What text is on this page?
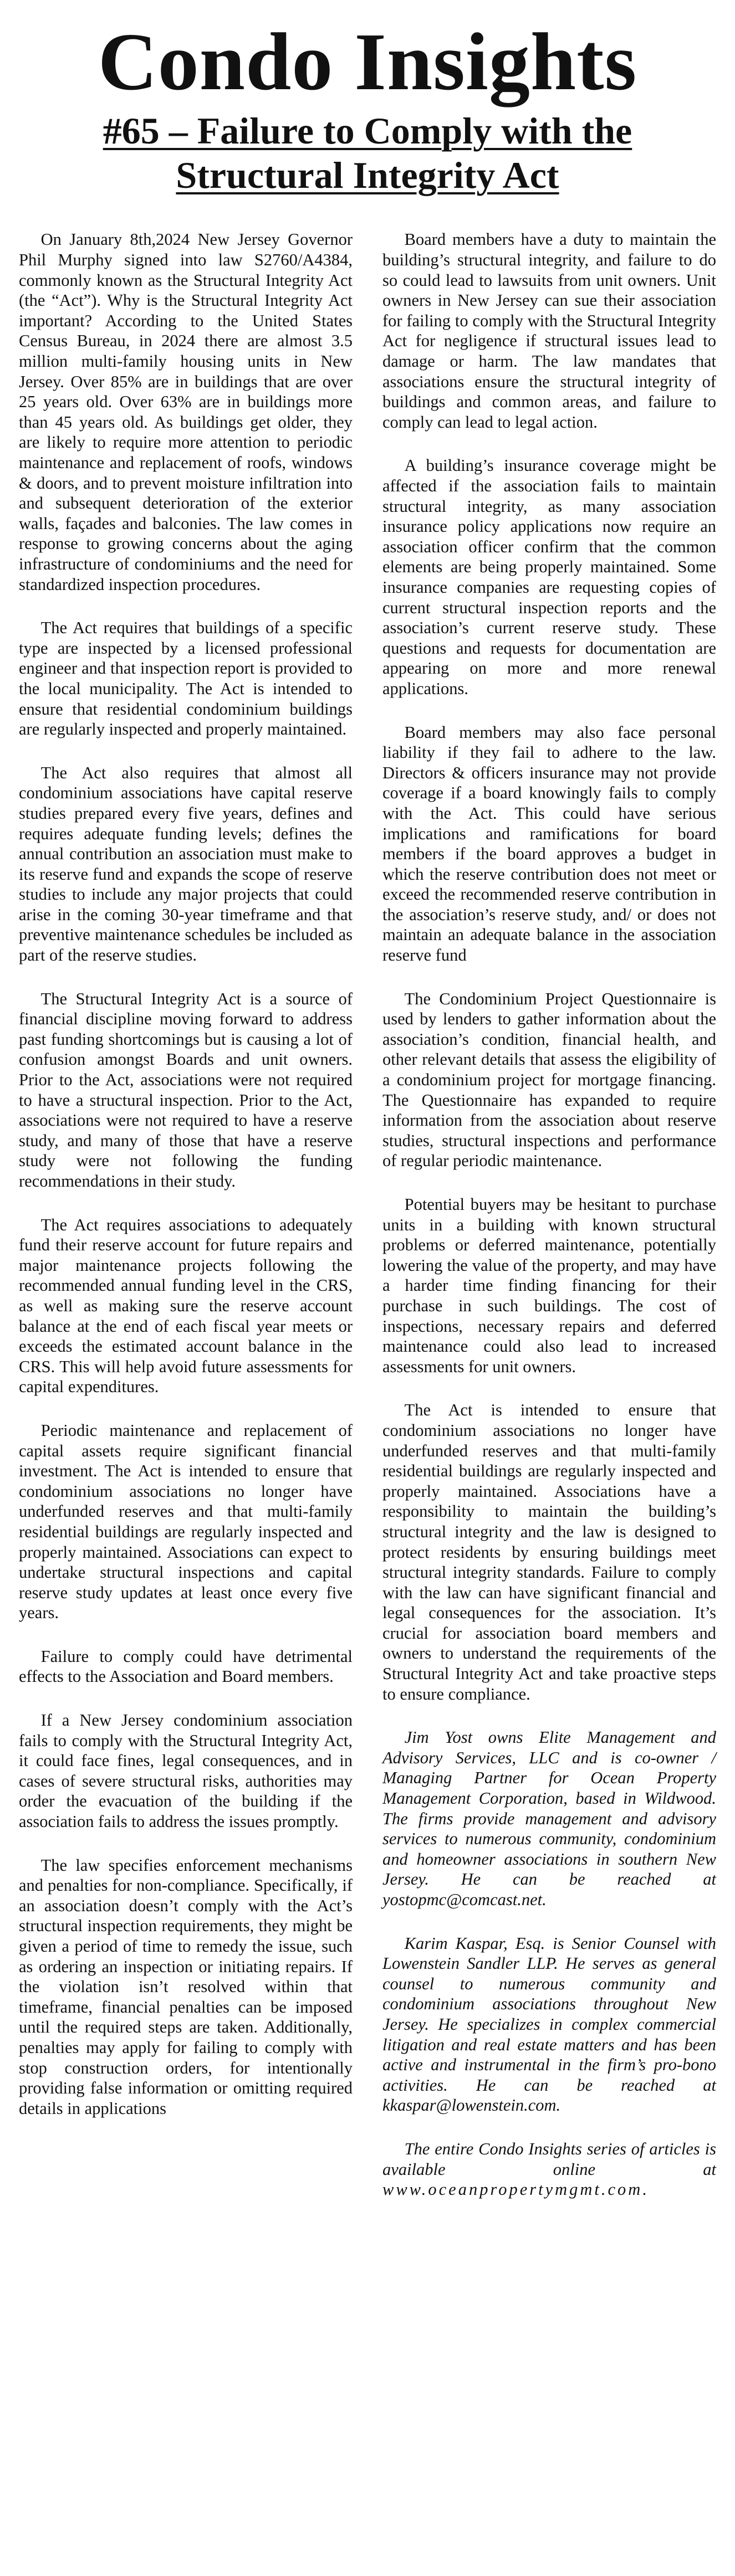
Condo Insights
#65 – Failure to Comply with the Structural Integrity Act

On January 8th,2024 New Jersey Governor Phil Murphy signed into law S2760/A4384, commonly known as the Structural Integrity Act (the “Act”). Why is the Structural Integrity Act important? According to the United States Census Bureau, in 2024 there are almost 3.5 million multi-family housing units in New Jersey. Over 85% are in buildings that are over 25 years old. Over 63% are in buildings more than 45 years old. As buildings get older, they are likely to require more attention to periodic maintenance and replacement of roofs, windows & doors, and to prevent moisture infiltration into and subsequent deterioration of the exterior walls, façades and balconies. The law comes in response to growing concerns about the aging infrastructure of condominiums and the need for standardized inspection procedures.

The Act requires that buildings of a specific type are inspected by a licensed professional engineer and that inspection report is provided to the local municipality. The Act is intended to ensure that residential condominium buildings are regularly inspected and properly maintained.

The Act also requires that almost all condominium associations have capital reserve studies prepared every five years, defines and requires adequate funding levels; defines the annual contribution an association must make to its reserve fund and expands the scope of reserve studies to include any major projects that could arise in the coming 30-year timeframe and that preventive maintenance schedules be included as part of the reserve studies.

The Structural Integrity Act is a source of financial discipline moving forward to address past funding shortcomings but is causing a lot of confusion amongst Boards and unit owners. Prior to the Act, associations were not required to have a structural inspection. Prior to the Act, associations were not required to have a reserve study, and many of those that have a reserve study were not following the funding recommendations in their study.

The Act requires associations to adequately fund their reserve account for future repairs and major maintenance projects following the recommended annual funding level in the CRS, as well as making sure the reserve account balance at the end of each fiscal year meets or exceeds the estimated account balance in the CRS. This will help avoid future assessments for capital expenditures.

Periodic maintenance and replacement of capital assets require significant financial investment. The Act is intended to ensure that condominium associations no longer have underfunded reserves and that multi-family residential buildings are regularly inspected and properly maintained. Associations can expect to undertake structural inspections and capital reserve study updates at least once every five years.

Failure to comply could have detrimental effects to the Association and Board members.

If a New Jersey condominium association fails to comply with the Structural Integrity Act, it could face fines, legal consequences, and in cases of severe structural risks, authorities may order the evacuation of the building if the association fails to address the issues promptly.

The law specifies enforcement mechanisms and penalties for non-compliance. Specifically, if an association doesn’t comply with the Act’s structural inspection requirements, they might be given a period of time to remedy the issue, such as ordering an inspection or initiating repairs. If the violation isn’t resolved within that timeframe, financial penalties can be imposed until the required steps are taken. Additionally, penalties may apply for failing to comply with stop construction orders, for intentionally providing false information or omitting required details in applications

Board members have a duty to maintain the building’s structural integrity, and failure to do so could lead to lawsuits from unit owners. Unit owners in New Jersey can sue their association for failing to comply with the Structural Integrity Act for negligence if structural issues lead to damage or harm. The law mandates that associations ensure the structural integrity of buildings and common areas, and failure to comply can lead to legal action.

A building’s insurance coverage might be affected if the association fails to maintain structural integrity, as many association insurance policy applications now require an association officer confirm that the common elements are being properly maintained. Some insurance companies are requesting copies of current structural inspection reports and the association’s current reserve study. These questions and requests for documentation are appearing on more and more renewal applications.

Board members may also face personal liability if they fail to adhere to the law. Directors & officers insurance may not provide coverage if a board knowingly fails to comply with the Act. This could have serious implications and ramifications for board members if the board approves a budget in which the reserve contribution does not meet or exceed the recommended reserve contribution in the association’s reserve study, and/ or does not maintain an adequate balance in the association reserve fund

The Condominium Project Questionnaire is used by lenders to gather information about the association’s condition, financial health, and other relevant details that assess the eligibility of a condominium project for mortgage financing. The Questionnaire has expanded to require information from the association about reserve studies, structural inspections and performance of regular periodic maintenance.

Potential buyers may be hesitant to purchase units in a building with known structural problems or deferred maintenance, potentially lowering the value of the property, and may have a harder time finding financing for their purchase in such buildings. The cost of inspections, necessary repairs and deferred maintenance could also lead to increased assessments for unit owners.

The Act is intended to ensure that condominium associations no longer have underfunded reserves and that multi-family residential buildings are regularly inspected and properly maintained. Associations have a responsibility to maintain the building’s structural integrity and the law is designed to protect residents by ensuring buildings meet structural integrity standards. Failure to comply with the law can have significant financial and legal consequences for the association. It’s crucial for association board members and owners to understand the requirements of the Structural Integrity Act and take proactive steps to ensure compliance.

Jim Yost owns Elite Management and Advisory Services, LLC and is co-owner / Managing Partner for Ocean Property Management Corporation, based in Wildwood. The firms provide management and advisory services to numerous community, condominium and homeowner associations in southern New Jersey. He can be reached at yostopmc@comcast.net.

Karim Kaspar, Esq. is Senior Counsel with Lowenstein Sandler LLP. He serves as general counsel to numerous community and condominium associations throughout New Jersey. He specializes in complex commercial litigation and real estate matters and has been active and instrumental in the firm’s pro-bono activities. He can be reached at kkaspar@lowenstein.com.

The entire Condo Insights series of articles is available online at www.oceanpropertymgmt.com.
